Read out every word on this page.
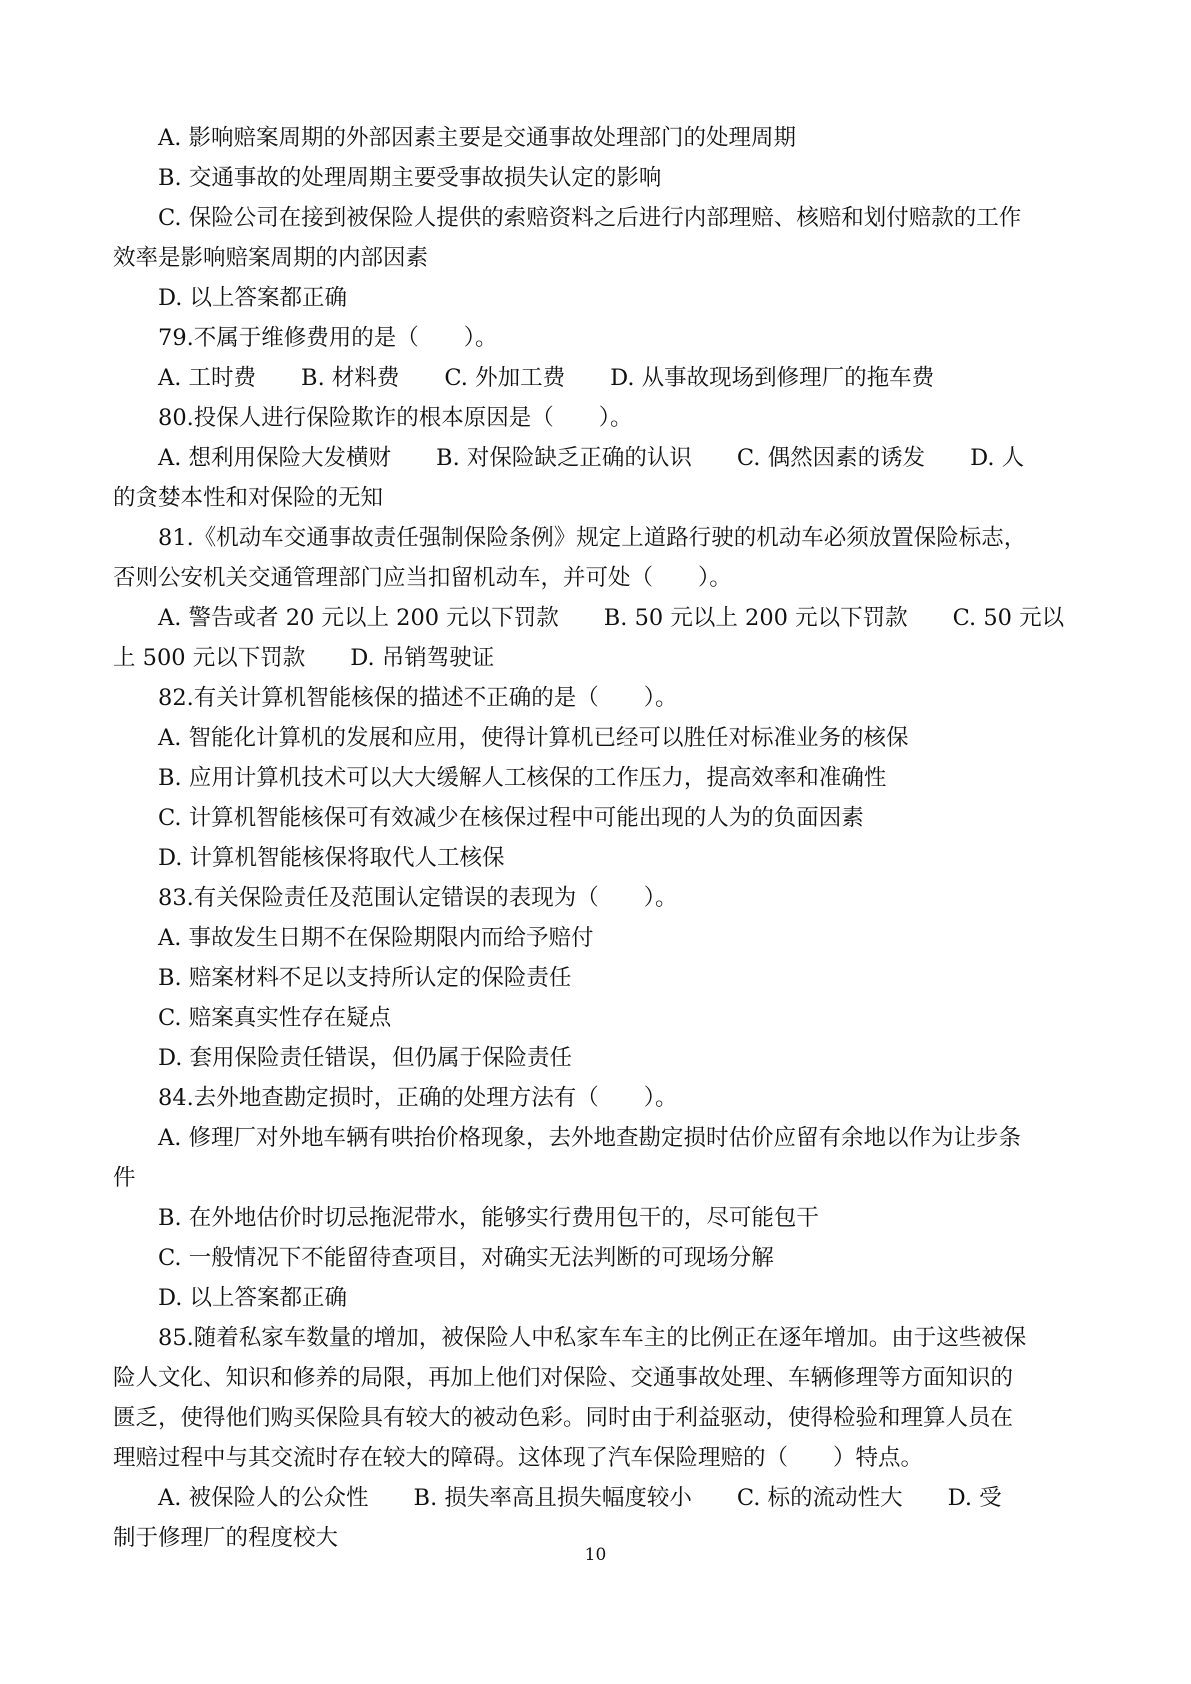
A. 影响赔案周期的外部因素主要是交通事故处理部门的处理周期
B. 交通事故的处理周期主要受事故损失认定的影响
C. 保险公司在接到被保险人提供的索赔资料之后进行内部理赔、核赔和划付赔款的工作
效率是影响赔案周期的内部因素
D. 以上答案都正确
79.不属于维修费用的是（　　）。
A. 工时费　　B. 材料费　　C. 外加工费　　D. 从事故现场到修理厂的拖车费
80.投保人进行保险欺诈的根本原因是（　　）。
A. 想利用保险大发横财　　B. 对保险缺乏正确的认识　　C. 偶然因素的诱发　　D. 人
的贪婪本性和对保险的无知
81.《机动车交通事故责任强制保险条例》规定上道路行驶的机动车必须放置保险标志，
否则公安机关交通管理部门应当扣留机动车，并可处（　　）。
A. 警告或者 20 元以上 200 元以下罚款　　B. 50 元以上 200 元以下罚款　　C. 50 元以
上 500 元以下罚款　　D. 吊销驾驶证
82.有关计算机智能核保的描述不正确的是（　　）。
A. 智能化计算机的发展和应用，使得计算机已经可以胜任对标准业务的核保
B. 应用计算机技术可以大大缓解人工核保的工作压力，提高效率和准确性
C. 计算机智能核保可有效减少在核保过程中可能出现的人为的负面因素
D. 计算机智能核保将取代人工核保
83.有关保险责任及范围认定错误的表现为（　　）。
A. 事故发生日期不在保险期限内而给予赔付
B. 赔案材料不足以支持所认定的保险责任
C. 赔案真实性存在疑点
D. 套用保险责任错误，但仍属于保险责任
84.去外地查勘定损时，正确的处理方法有（　　）。
A. 修理厂对外地车辆有哄抬价格现象，去外地查勘定损时估价应留有余地以作为让步条
件
B. 在外地估价时切忌拖泥带水，能够实行费用包干的，尽可能包干
C. 一般情况下不能留待查项目，对确实无法判断的可现场分解
D. 以上答案都正确
85.随着私家车数量的增加，被保险人中私家车车主的比例正在逐年增加。由于这些被保
险人文化、知识和修养的局限，再加上他们对保险、交通事故处理、车辆修理等方面知识的
匮乏，使得他们购买保险具有较大的被动色彩。同时由于利益驱动，使得检验和理算人员在
理赔过程中与其交流时存在较大的障碍。这体现了汽车保险理赔的（　　）特点。
A. 被保险人的公众性　　B. 损失率高且损失幅度较小　　C. 标的流动性大　　D. 受
制于修理厂的程度校大
10
